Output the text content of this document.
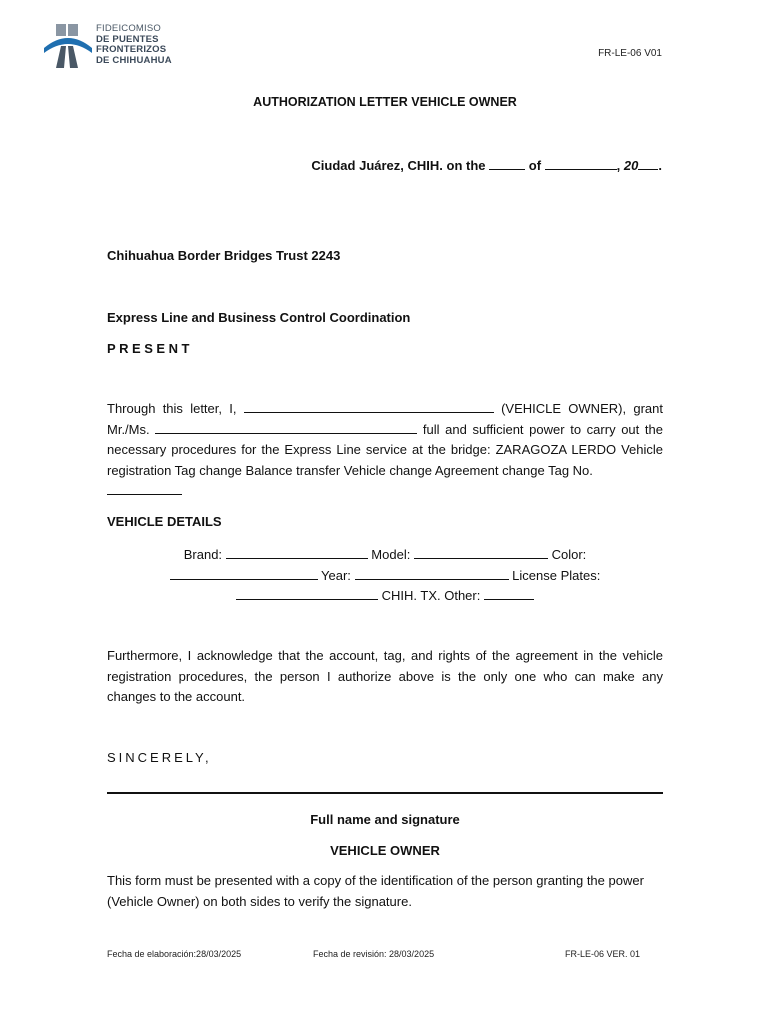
FIDEICOMISO
DE PUENTES
FRONTERIZOS
DE CHIHUAHUA
FR-LE-06 V01
AUTHORIZATION LETTER VEHICLE OWNER
Ciudad Juárez, CHIH. on the	of	, 20 .
Chihuahua Border Bridges Trust 2243
Express Line and Business Control Coordination
PRESENT
Through this letter, I,	(VEHICLE OWNER), grant Mr./Ms.	full and sufficient power to carry out the necessary procedures for the Express Line service at the bridge: ZARAGOZA LERDO Vehicle registration Tag change Balance transfer Vehicle change Agreement change Tag No.

VEHICLE DETAILS
Brand:	Model:	Color:
Year:	License Plates:
CHIH. TX. Other:
Furthermore, I acknowledge that the account, tag, and rights of the agreement in the vehicle registration procedures, the person I authorize above is the only one who can make any changes to the account.
SINCERELY,
Full name and signature
VEHICLE OWNER
This form must be presented with a copy of the identification of the person granting the power (Vehicle Owner) on both sides to verify the signature.
Fecha de elaboración:28/03/2025	Fecha de revisión: 28/03/2025	FR-LE-06 VER. 01
